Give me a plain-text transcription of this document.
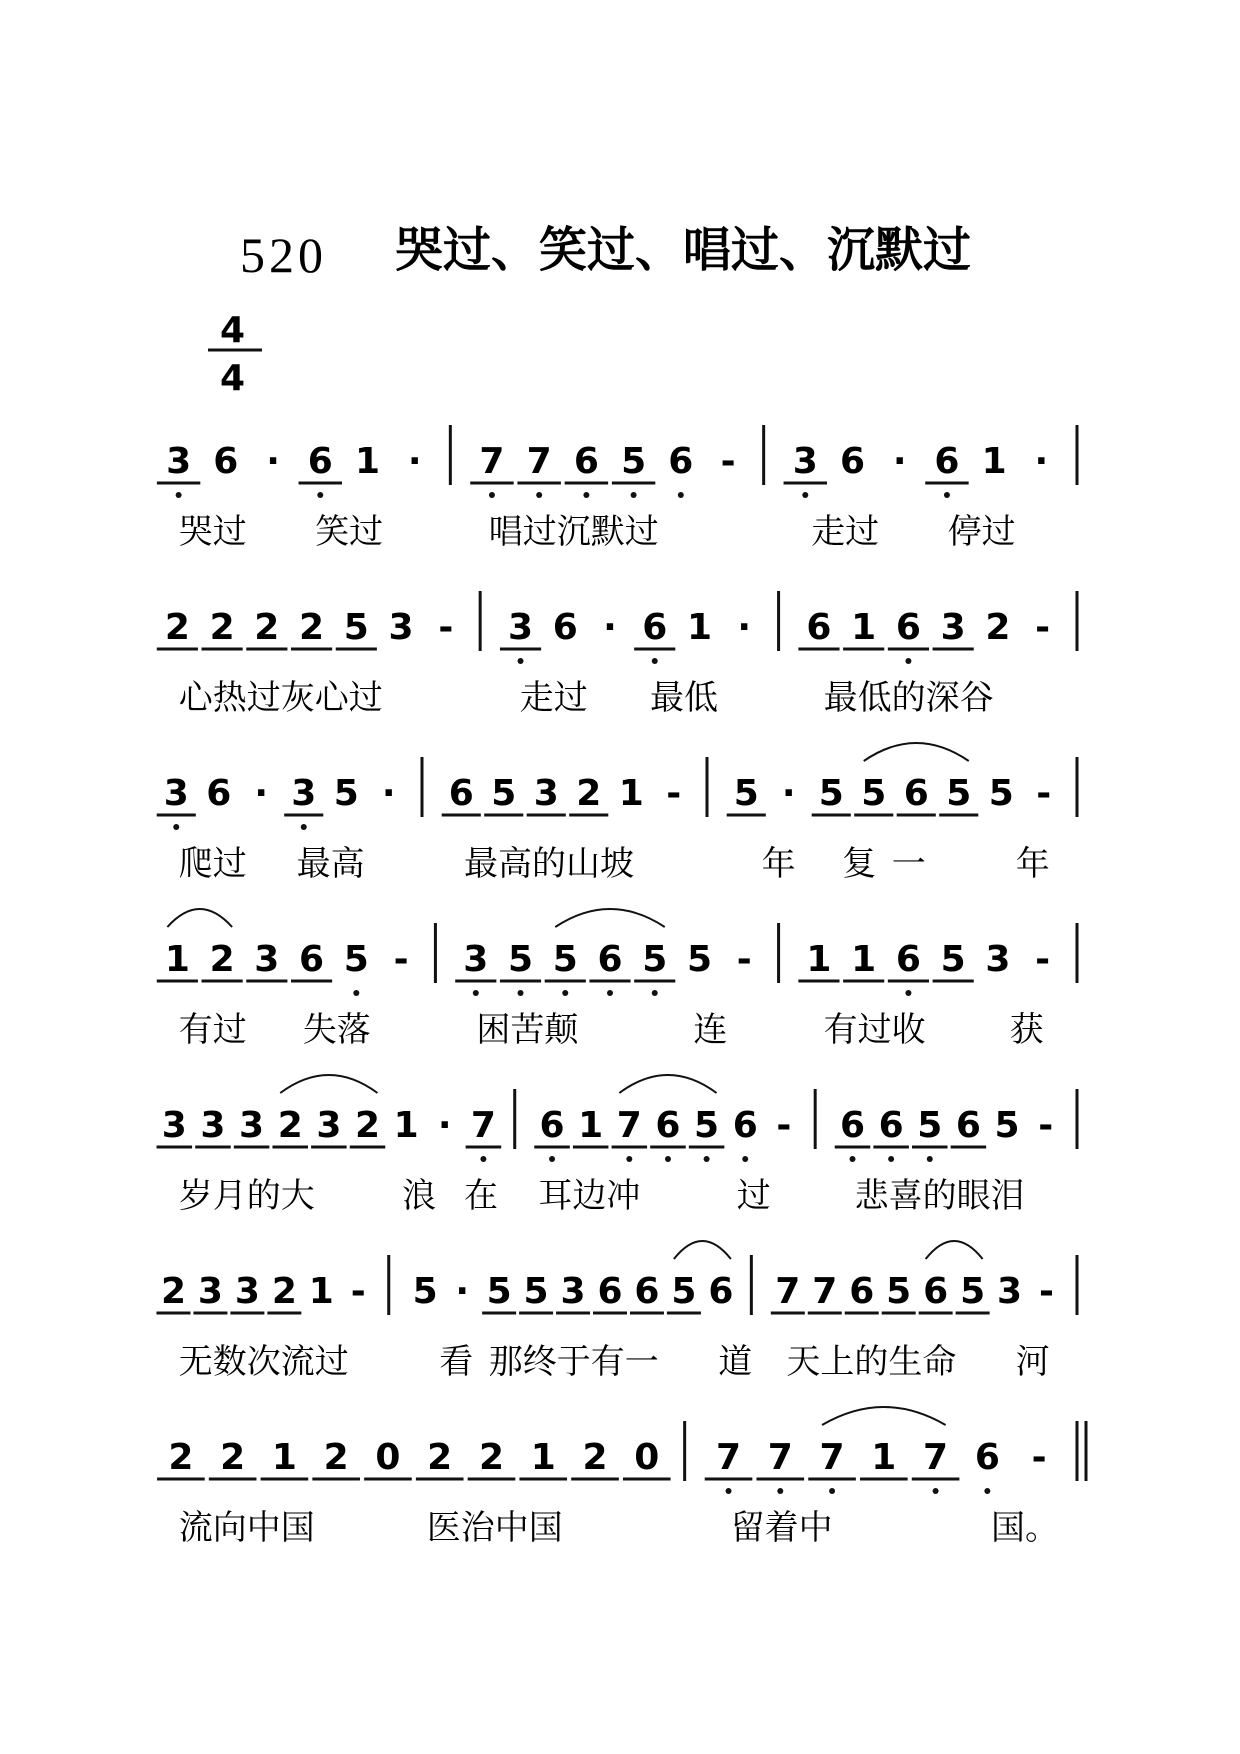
520 哭过、笑过、唱过、沉默过
4
4
3 6 · 6 1 · 7 7 6 5 6 - 3 6 · 6 1 ·
哭过 笑过	唱过沉默过	走过 停过
2 2 2 2 5 3 - 3 6 · 6 1 · 6 1 6 3 2 -
心热过灰心过	走过 最低	最低的深谷
3 6 · 3 5 · 6 5 3 2 1 - 5 · 5 5 6 5 5 -
爬过 最高	最高的山坡	年 复 一	年
1 2 3 6 5 - 3 5 5 6 5 5 - 1 1 6 5 3 -
有过 失落	困苦颠	连	有过收 获
3 3 3 2 3 2 1 · 7 6 1 7 6 5 6 - 6 6 5 6 5 -
岁月的大	浪 在 耳边冲	过 悲喜的眼泪
2 3 3 2 1 - 5 · 5 5 3 6 6 5 6 7 7 6 5 6 5 3 -
无数次流过	看 那终于有一 道 天上的生命 河
2 2 1 2 0 2 2 1 2 0 7 7 7 1 7 6 -
流向中国	医治中国	留着中	国。
